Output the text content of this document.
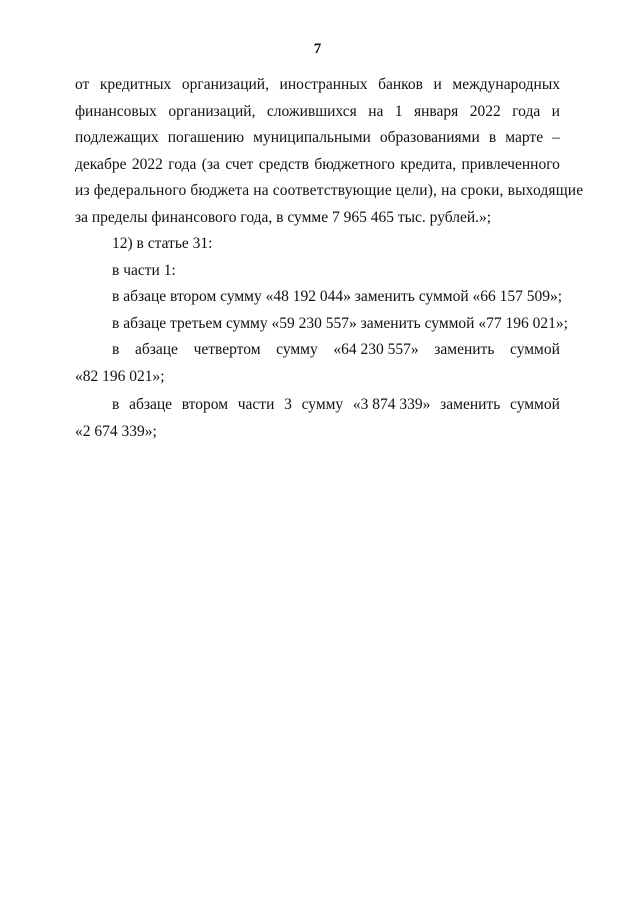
7
от кредитных организаций, иностранных банков и международных
финансовых организаций, сложившихся на 1 января 2022 года и
подлежащих погашению муниципальными образованиями в марте –
декабре 2022 года (за счет средств бюджетного кредита, привлеченного
из федерального бюджета на соответствующие цели), на сроки, выходящие
за пределы финансового года, в сумме 7 965 465 тыс. рублей.»;
12) в статье 31:
в части 1:
в абзаце втором сумму «48 192 044» заменить суммой «66 157 509»;
в абзаце третьем сумму «59 230 557» заменить суммой «77 196 021»;
в абзаце четвертом сумму «64 230 557» заменить суммой
«82 196 021»;
в абзаце втором части 3 сумму «3 874 339» заменить суммой
«2 674 339»;
